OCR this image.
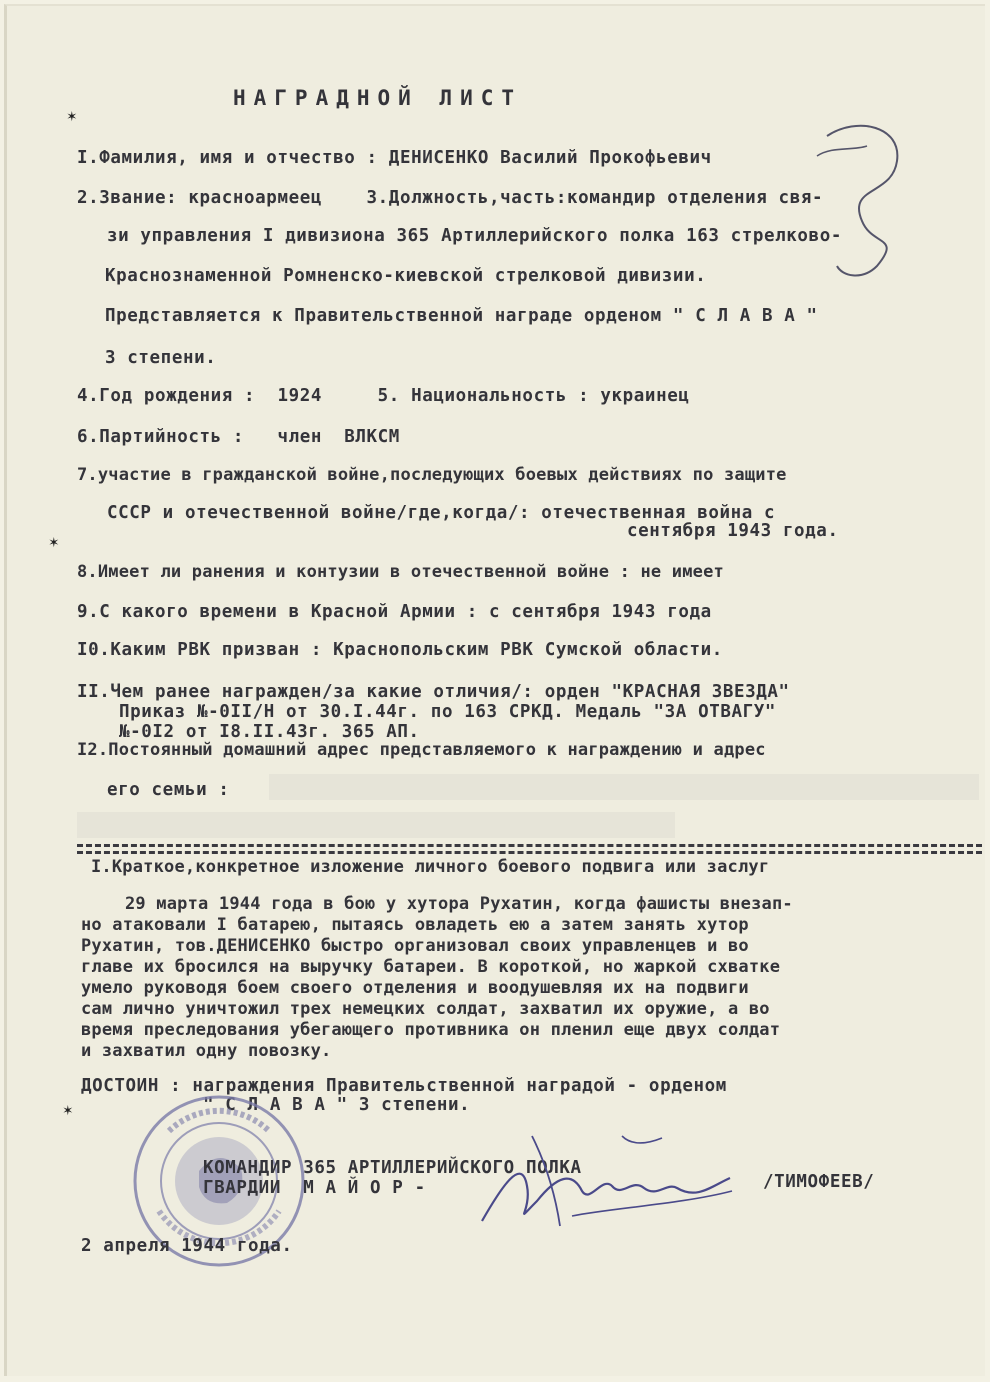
НАГРАДНОЙ ЛИСТ
I.Фамилия, имя и отчество : ДЕНИСЕНКО Василий Прокофьевич
2.Звание: красноармеец    3.Должность,часть:командир отделения свя-
зи управления I дивизиона 365 Артиллерийского полка 163 стрелково-
Краснознаменной Ромненско-киевской стрелковой дивизии.
Представляется к Правительственной награде орденом " С Л А В А "
3 степени.
4.Год рождения :  1924     5. Национальность : украинец
6.Партийность :   член  ВЛКСМ
7.участие в гражданской войне,последующих боевых действиях по защите
СССР и отечественной войне/где,когда/: отечественная война с
сентября 1943 года.
8.Имеет ли ранения и контузии в отечественной войне : не имеет
9.С какого времени в Красной Армии : с сентября 1943 года
I0.Каким РВК призван : Краснопольским РВК Сумской области.
II.Чем ранее награжден/за какие отличия/: орден "КРАСНАЯ ЗВЕЗДА"
Приказ №-0II/Н от 30.I.44г. по 163 СРКД. Медаль "ЗА ОТВАГУ"
№-0I2 от I8.II.43г. 365 АП.
I2.Постоянный домашний адрес представляемого к награждению и адрес
его семьи :
I.Краткое,конкретное изложение личного боевого подвига или заслуг
29 марта 1944 года в бою у хутора Рухатин, когда фашисты внезап-
но атаковали I батарею, пытаясь овладеть ею а затем занять хутор
Рухатин, тов.ДЕНИСЕНКО быстро организовал своих управленцев и во
главе их бросился на выручку батареи. В короткой, но жаркой схватке
умело руководя боем своего отделения и воодушевляя их на подвиги
сам лично уничтожил трех немецких солдат, захватил их оружие, а во
время преследования убегающего противника он пленил еще двух солдат
и захватил одну повозку.
ДОСТОИН : награждения Правительственной наградой - орденом
" С Л А В А " 3 степени.
КОМАНДИР 365 АРТИЛЛЕРИЙСКОГО ПОЛКА
ГВАРДИИ  М А Й О Р -	/ТИМОФЕЕВ/
2 апреля 1944 года.
✶
✶
✶
